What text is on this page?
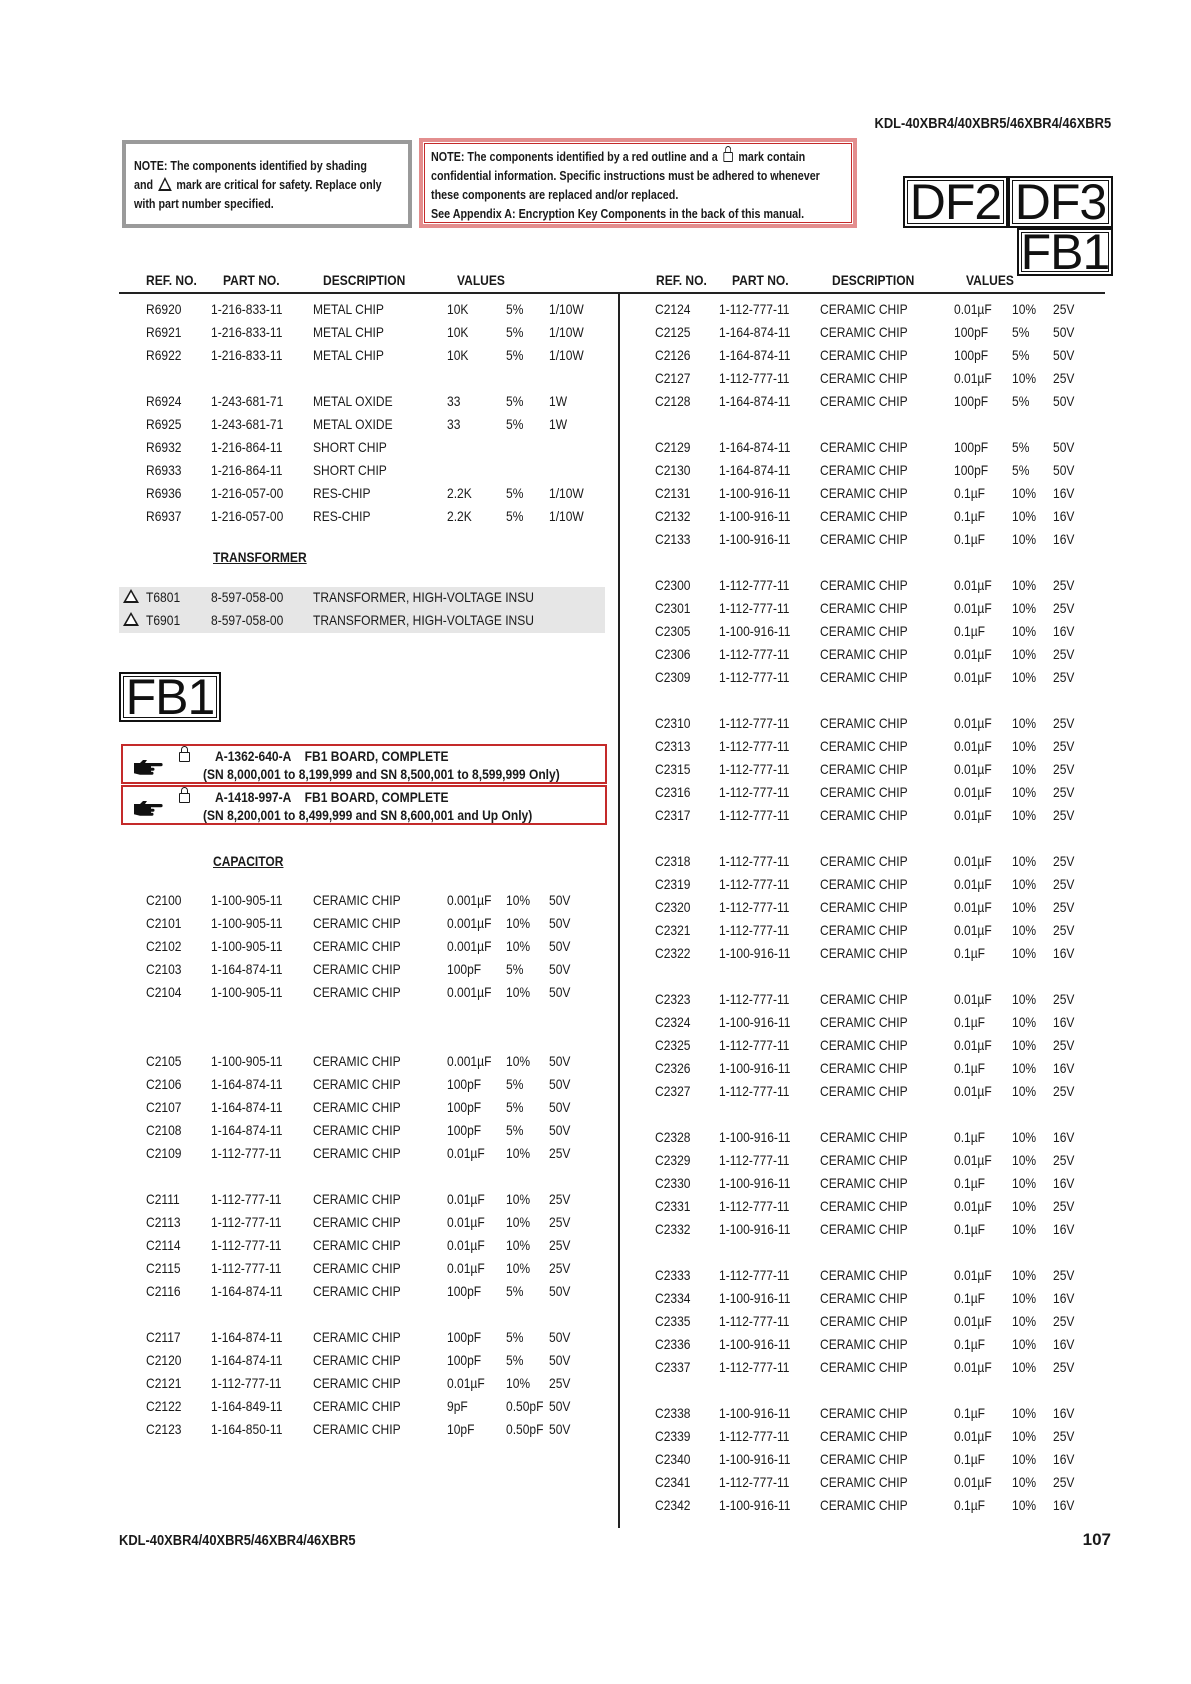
KDL-40XBR4/40XBR5/46XBR4/46XBR5
NOTE: The components identified by shading
and mark are critical for safety. Replace only
with part number specified.
NOTE: The components identified by a red outline and a mark contain
confidential information. Specific instructions must be adhered to whenever
these components are replaced and/or replaced.
See Appendix A: Encryption Key Components in the back of this manual. DF2 DF3
FB1
FB1
REF. NO. PART NO.	DESCRIPTION	VALUES	REF. NO. PART NO.	DESCRIPTION	VALUES
R6920 1-216-833-11 METAL CHIP	10K	5% 1/10W
R6921 1-216-833-11 METAL CHIP	10K	5% 1/10W
R6922 1-216-833-11 METAL CHIP	10K	5% 1/10W
R6924 1-243-681-71 METAL OXIDE	33	5% 1W
R6925 1-243-681-71 METAL OXIDE	33	5% 1W
R6932 1-216-864-11 SHORT CHIP
R6933 1-216-864-11 SHORT CHIP
R6936 1-216-057-00 RES-CHIP	2.2K 5% 1/10W
R6937 1-216-057-00 RES-CHIP	2.2K 5% 1/10W
T6801 8-597-058-00 TRANSFORMER, HIGH-VOLTAGE INSU
T6901 8-597-058-00 TRANSFORMER, HIGH-VOLTAGE INSU
C2100 1-100-905-11 CERAMIC CHIP	0.001µF 10% 50V
C2101 1-100-905-11 CERAMIC CHIP	0.001µF 10% 50V
C2102 1-100-905-11 CERAMIC CHIP	0.001µF 10% 50V
C2103 1-164-874-11 CERAMIC CHIP	100pF 5% 50V
C2104 1-100-905-11 CERAMIC CHIP	0.001µF 10% 50V
C2105 1-100-905-11 CERAMIC CHIP	0.001µF 10% 50V
C2106 1-164-874-11 CERAMIC CHIP	100pF 5% 50V
C2107 1-164-874-11 CERAMIC CHIP	100pF 5% 50V
C2108 1-164-874-11 CERAMIC CHIP	100pF 5% 50V
C2109 1-112-777-11 CERAMIC CHIP	0.01µF 10% 25V
C2111 1-112-777-11 CERAMIC CHIP	0.01µF 10% 25V
C2113 1-112-777-11 CERAMIC CHIP	0.01µF 10% 25V
C2114 1-112-777-11 CERAMIC CHIP	0.01µF 10% 25V
C2115 1-112-777-11 CERAMIC CHIP	0.01µF 10% 25V
C2116 1-164-874-11 CERAMIC CHIP	100pF 5% 50V
C2117 1-164-874-11 CERAMIC CHIP	100pF 5% 50V
C2120 1-164-874-11 CERAMIC CHIP	100pF 5% 50V
C2121 1-112-777-11 CERAMIC CHIP	0.01µF 10% 25V
C2122 1-164-849-11 CERAMIC CHIP	9pF	0.50pF 50V
C2123 1-164-850-11 CERAMIC CHIP	10pF 0.50pF 50V
C2124 1-112-777-11 CERAMIC CHIP	0.01µF 10% 25V
C2125 1-164-874-11 CERAMIC CHIP	100pF 5% 50V
C2126 1-164-874-11 CERAMIC CHIP	100pF 5% 50V
C2127 1-112-777-11 CERAMIC CHIP	0.01µF 10% 25V
C2128 1-164-874-11 CERAMIC CHIP	100pF 5% 50V
C2129 1-164-874-11 CERAMIC CHIP	100pF 5% 50V
C2130 1-164-874-11 CERAMIC CHIP	100pF 5% 50V
C2131 1-100-916-11 CERAMIC CHIP	0.1µF 10% 16V
C2132 1-100-916-11 CERAMIC CHIP	0.1µF 10% 16V
C2133 1-100-916-11 CERAMIC CHIP	0.1µF 10% 16V
C2300 1-112-777-11 CERAMIC CHIP	0.01µF 10% 25V
C2301 1-112-777-11 CERAMIC CHIP	0.01µF 10% 25V
C2305 1-100-916-11 CERAMIC CHIP	0.1µF 10% 16V
C2306 1-112-777-11 CERAMIC CHIP	0.01µF 10% 25V
C2309 1-112-777-11 CERAMIC CHIP	0.01µF 10% 25V
C2310 1-112-777-11 CERAMIC CHIP	0.01µF 10% 25V
C2313 1-112-777-11 CERAMIC CHIP	0.01µF 10% 25V
C2315 1-112-777-11 CERAMIC CHIP	0.01µF 10% 25V
C2316 1-112-777-11 CERAMIC CHIP	0.01µF 10% 25V
C2317 1-112-777-11 CERAMIC CHIP	0.01µF 10% 25V
C2318 1-112-777-11 CERAMIC CHIP	0.01µF 10% 25V
C2319 1-112-777-11 CERAMIC CHIP	0.01µF 10% 25V
C2320 1-112-777-11 CERAMIC CHIP	0.01µF 10% 25V
C2321 1-112-777-11 CERAMIC CHIP	0.01µF 10% 25V
C2322 1-100-916-11 CERAMIC CHIP	0.1µF 10% 16V
C2323 1-112-777-11 CERAMIC CHIP	0.01µF 10% 25V
C2324 1-100-916-11 CERAMIC CHIP	0.1µF 10% 16V
C2325 1-112-777-11 CERAMIC CHIP	0.01µF 10% 25V
C2326 1-100-916-11 CERAMIC CHIP	0.1µF 10% 16V
C2327 1-112-777-11 CERAMIC CHIP	0.01µF 10% 25V
C2328 1-100-916-11 CERAMIC CHIP	0.1µF 10% 16V
C2329 1-112-777-11 CERAMIC CHIP	0.01µF 10% 25V
C2330 1-100-916-11 CERAMIC CHIP	0.1µF 10% 16V
C2331 1-112-777-11 CERAMIC CHIP	0.01µF 10% 25V
C2332 1-100-916-11 CERAMIC CHIP	0.1µF 10% 16V
C2333 1-112-777-11 CERAMIC CHIP	0.01µF 10% 25V
C2334 1-100-916-11 CERAMIC CHIP	0.1µF 10% 16V
C2335 1-112-777-11 CERAMIC CHIP	0.01µF 10% 25V
C2336 1-100-916-11 CERAMIC CHIP	0.1µF 10% 16V
C2337 1-112-777-11 CERAMIC CHIP	0.01µF 10% 25V
C2338 1-100-916-11 CERAMIC CHIP	0.1µF 10% 16V
C2339 1-112-777-11 CERAMIC CHIP	0.01µF 10% 25V
C2340 1-100-916-11 CERAMIC CHIP	0.1µF 10% 16V
C2341 1-112-777-11 CERAMIC CHIP	0.01µF 10% 25V
C2342 1-100-916-11 CERAMIC CHIP	0.1µF 10% 16V
TRANSFORMER
CAPACITOR
A-1362-640-A FB1 BOARD, COMPLETE
(SN 8,000,001 to 8,199,999 and SN 8,500,001 to 8,599,999 Only)
A-1418-997-A FB1 BOARD, COMPLETE
(SN 8,200,001 to 8,499,999 and SN 8,600,001 and Up Only)
KDL-40XBR4/40XBR5/46XBR4/46XBR5	107
